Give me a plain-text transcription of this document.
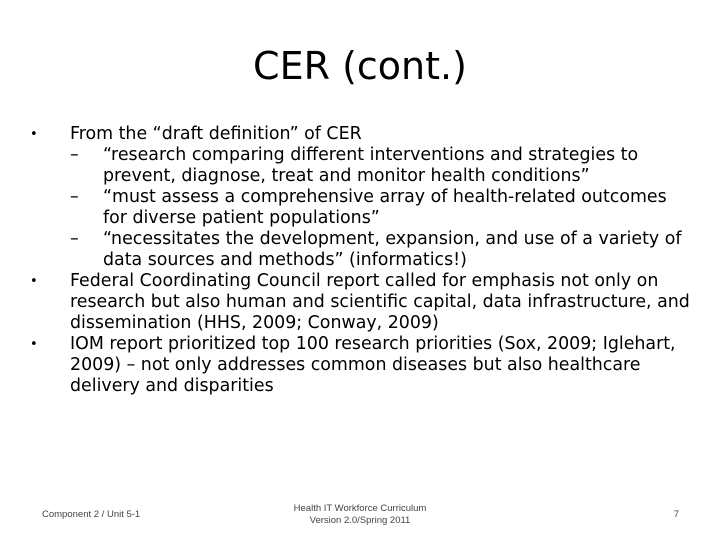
CER (cont.)
• From the “draft definition” of CER
– “research comparing different interventions and strategies to prevent, diagnose, treat and monitor health conditions”
– “must assess a comprehensive array of health-related outcomes for diverse patient populations”
– “necessitates the development, expansion, and use of a variety of data sources and methods” (informatics!)
• Federal Coordinating Council report called for emphasis not only on research but also human and scientific capital, data infrastructure, and dissemination (HHS, 2009; Conway, 2009)
• IOM report prioritized top 100 research priorities (Sox, 2009; Iglehart, 2009) – not only addresses common diseases but also healthcare delivery and disparities
Component 2 / Unit 5-1
Health IT Workforce Curriculum
Version 2.0/Spring 2011
7
